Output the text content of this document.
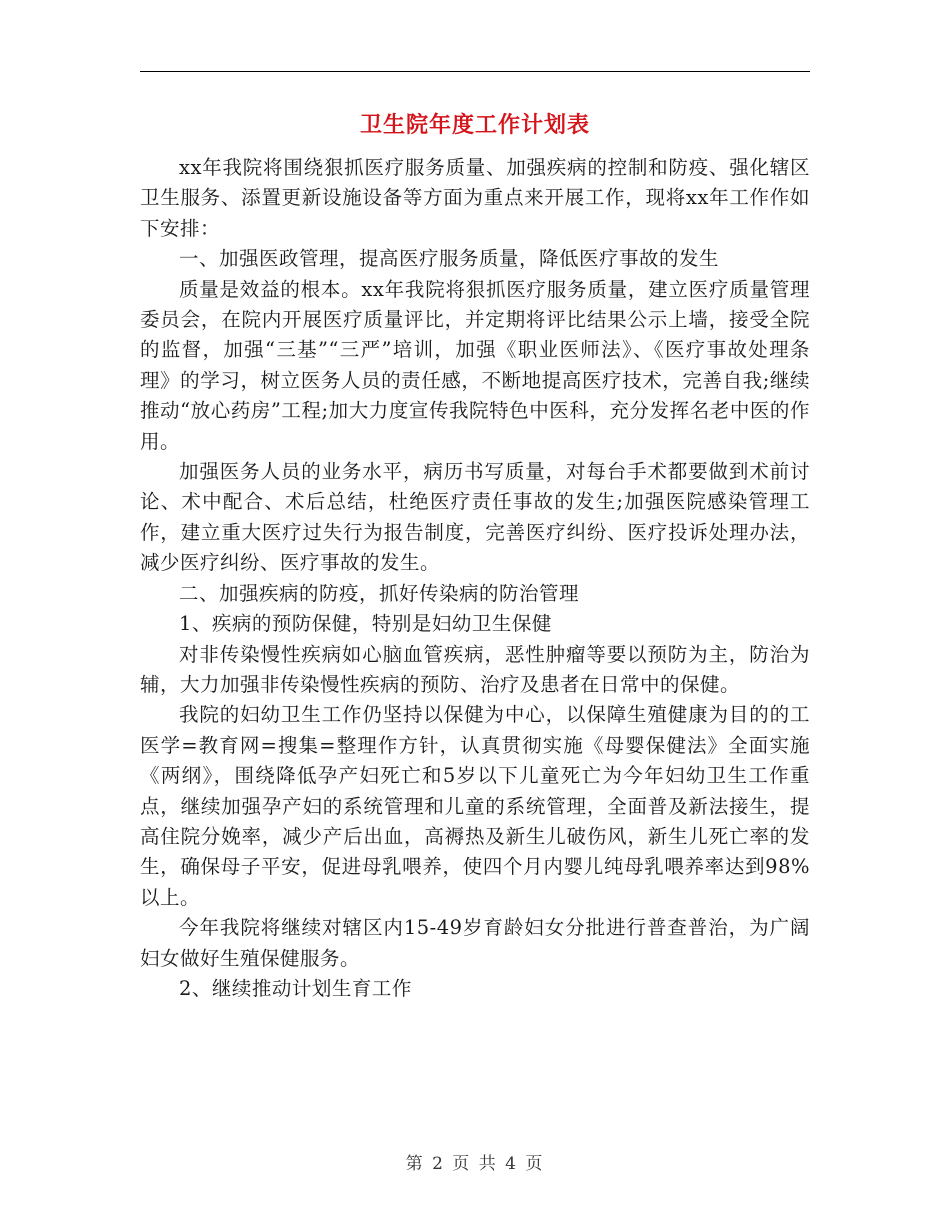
卫生院年度工作计划表

xx年我院将围绕狠抓医疗服务质量、加强疾病的控制和防疫、强化辖区卫生服务、添置更新设施设备等方面为重点来开展工作，现将xx年工作作如下安排：

一、加强医政管理，提高医疗服务质量，降低医疗事故的发生

质量是效益的根本。xx年我院将狠抓医疗服务质量，建立医疗质量管理委员会，在院内开展医疗质量评比，并定期将评比结果公示上墙，接受全院的监督，加强“三基”“三严”培训，加强《职业医师法》、《医疗事故处理条理》的学习，树立医务人员的责任感，不断地提高医疗技术，完善自我;继续推动“放心药房”工程;加大力度宣传我院特色中医科，充分发挥名老中医的作用。

加强医务人员的业务水平，病历书写质量，对每台手术都要做到术前讨论、术中配合、术后总结，杜绝医疗责任事故的发生;加强医院感染管理工作，建立重大医疗过失行为报告制度，完善医疗纠纷、医疗投诉处理办法，减少医疗纠纷、医疗事故的发生。

二、加强疾病的防疫，抓好传染病的防治管理

1、疾病的预防保健，特别是妇幼卫生保健

对非传染慢性疾病如心脑血管疾病，恶性肿瘤等要以预防为主，防治为辅，大力加强非传染慢性疾病的预防、治疗及患者在日常中的保健。

我院的妇幼卫生工作仍坚持以保健为中心，以保障生殖健康为目的的工医学=教育网=搜集=整理作方针，认真贯彻实施《母婴保健法》全面实施《两纲》，围绕降低孕产妇死亡和5岁以下儿童死亡为今年妇幼卫生工作重点，继续加强孕产妇的系统管理和儿童的系统管理，全面普及新法接生，提高住院分娩率，减少产后出血，高褥热及新生儿破伤风，新生儿死亡率的发生，确保母子平安，促进母乳喂养，使四个月内婴儿纯母乳喂养率达到98%以上。

今年我院将继续对辖区内15-49岁育龄妇女分批进行普查普治，为广阔妇女做好生殖保健服务。

2、继续推动计划生育工作

第 2 页 共 4 页
